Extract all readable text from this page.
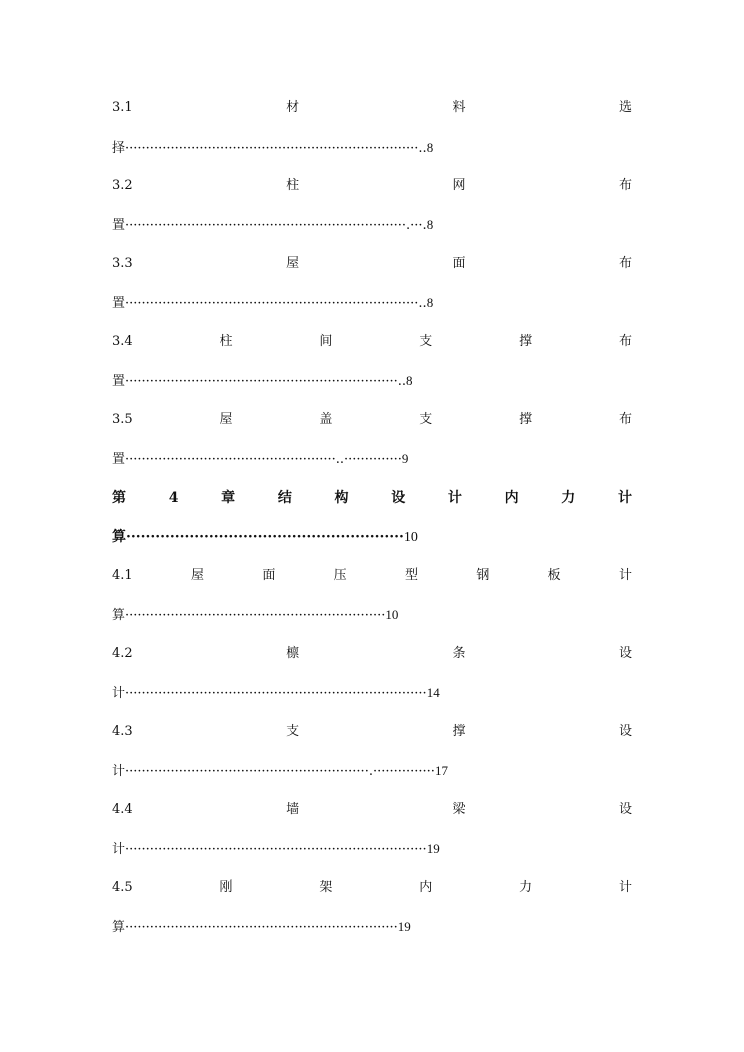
3.1	材	料	选
择·······································································..8
3.2	柱	网	布
置····································································.···.8
3.3	屋	面	布
置·······································································..8
3.4	柱	间	支	撑	布
置··································································..8
3.5	屋	盖	支	撑	布
置···················································..··············9
第	4	章	结	构	设	计	内	力	计
算·························································10
4.1	屋	面	压	型	钢	板	计
算·······························································10
4.2	檩	条	设
计·········································································14
4.3	支	撑	设
计···························································.···············17
4.4	墙	梁	设
计·········································································19
4.5	刚	架	内	力	计
算··································································19
